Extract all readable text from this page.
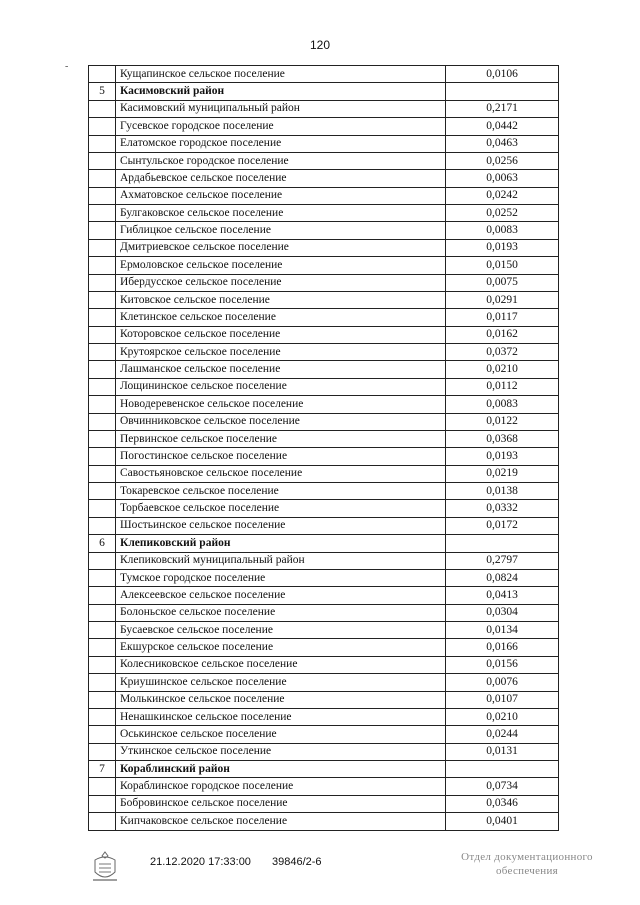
120
-
	Кущапинское сельское поселение	0,0106
5	Касимовский район	
	Касимовский муниципальный район	0,2171
	Гусевское городское поселение	0,0442
	Елатомское городское поселение	0,0463
	Сынтульское городское поселение	0,0256
	Ардабьевское сельское поселение	0,0063
	Ахматовское сельское поселение	0,0242
	Булгаковское сельское поселение	0,0252
	Гиблицкое сельское поселение	0,0083
	Дмитриевское сельское поселение	0,0193
	Ермоловское сельское поселение	0,0150
	Ибердусское сельское поселение	0,0075
	Китовское сельское поселение	0,0291
	Клетинское сельское поселение	0,0117
	Которовское сельское поселение	0,0162
	Крутоярское сельское поселение	0,0372
	Лашманское сельское поселение	0,0210
	Лощининское сельское поселение	0,0112
	Новодеревенское сельское поселение	0,0083
	Овчинниковское сельское поселение	0,0122
	Первинское сельское поселение	0,0368
	Погостинское сельское поселение	0,0193
	Савостьяновское сельское поселение	0,0219
	Токаревское сельское поселение	0,0138
	Торбаевское сельское поселение	0,0332
	Шостьинское сельское поселение	0,0172
6	Клепиковский район	
	Клепиковский муниципальный район	0,2797
	Тумское городское поселение	0,0824
	Алексеевское сельское поселение	0,0413
	Болоньское сельское поселение	0,0304
	Бусаевское сельское поселение	0,0134
	Екшурское сельское поселение	0,0166
	Колесниковское сельское поселение	0,0156
	Криушинское сельское поселение	0,0076
	Молькинское сельское поселение	0,0107
	Ненашкинское сельское поселение	0,0210
	Оськинское сельское поселение	0,0244
	Уткинское сельское поселение	0,0131
7	Кораблинский район	
	Кораблинское городское поселение	0,0734
	Бобровинское сельское поселение	0,0346
	Кипчаковское сельское поселение	0,0401
21.12.2020 17:33:00 39846/2-6	Отдел документационного
обеспечения
